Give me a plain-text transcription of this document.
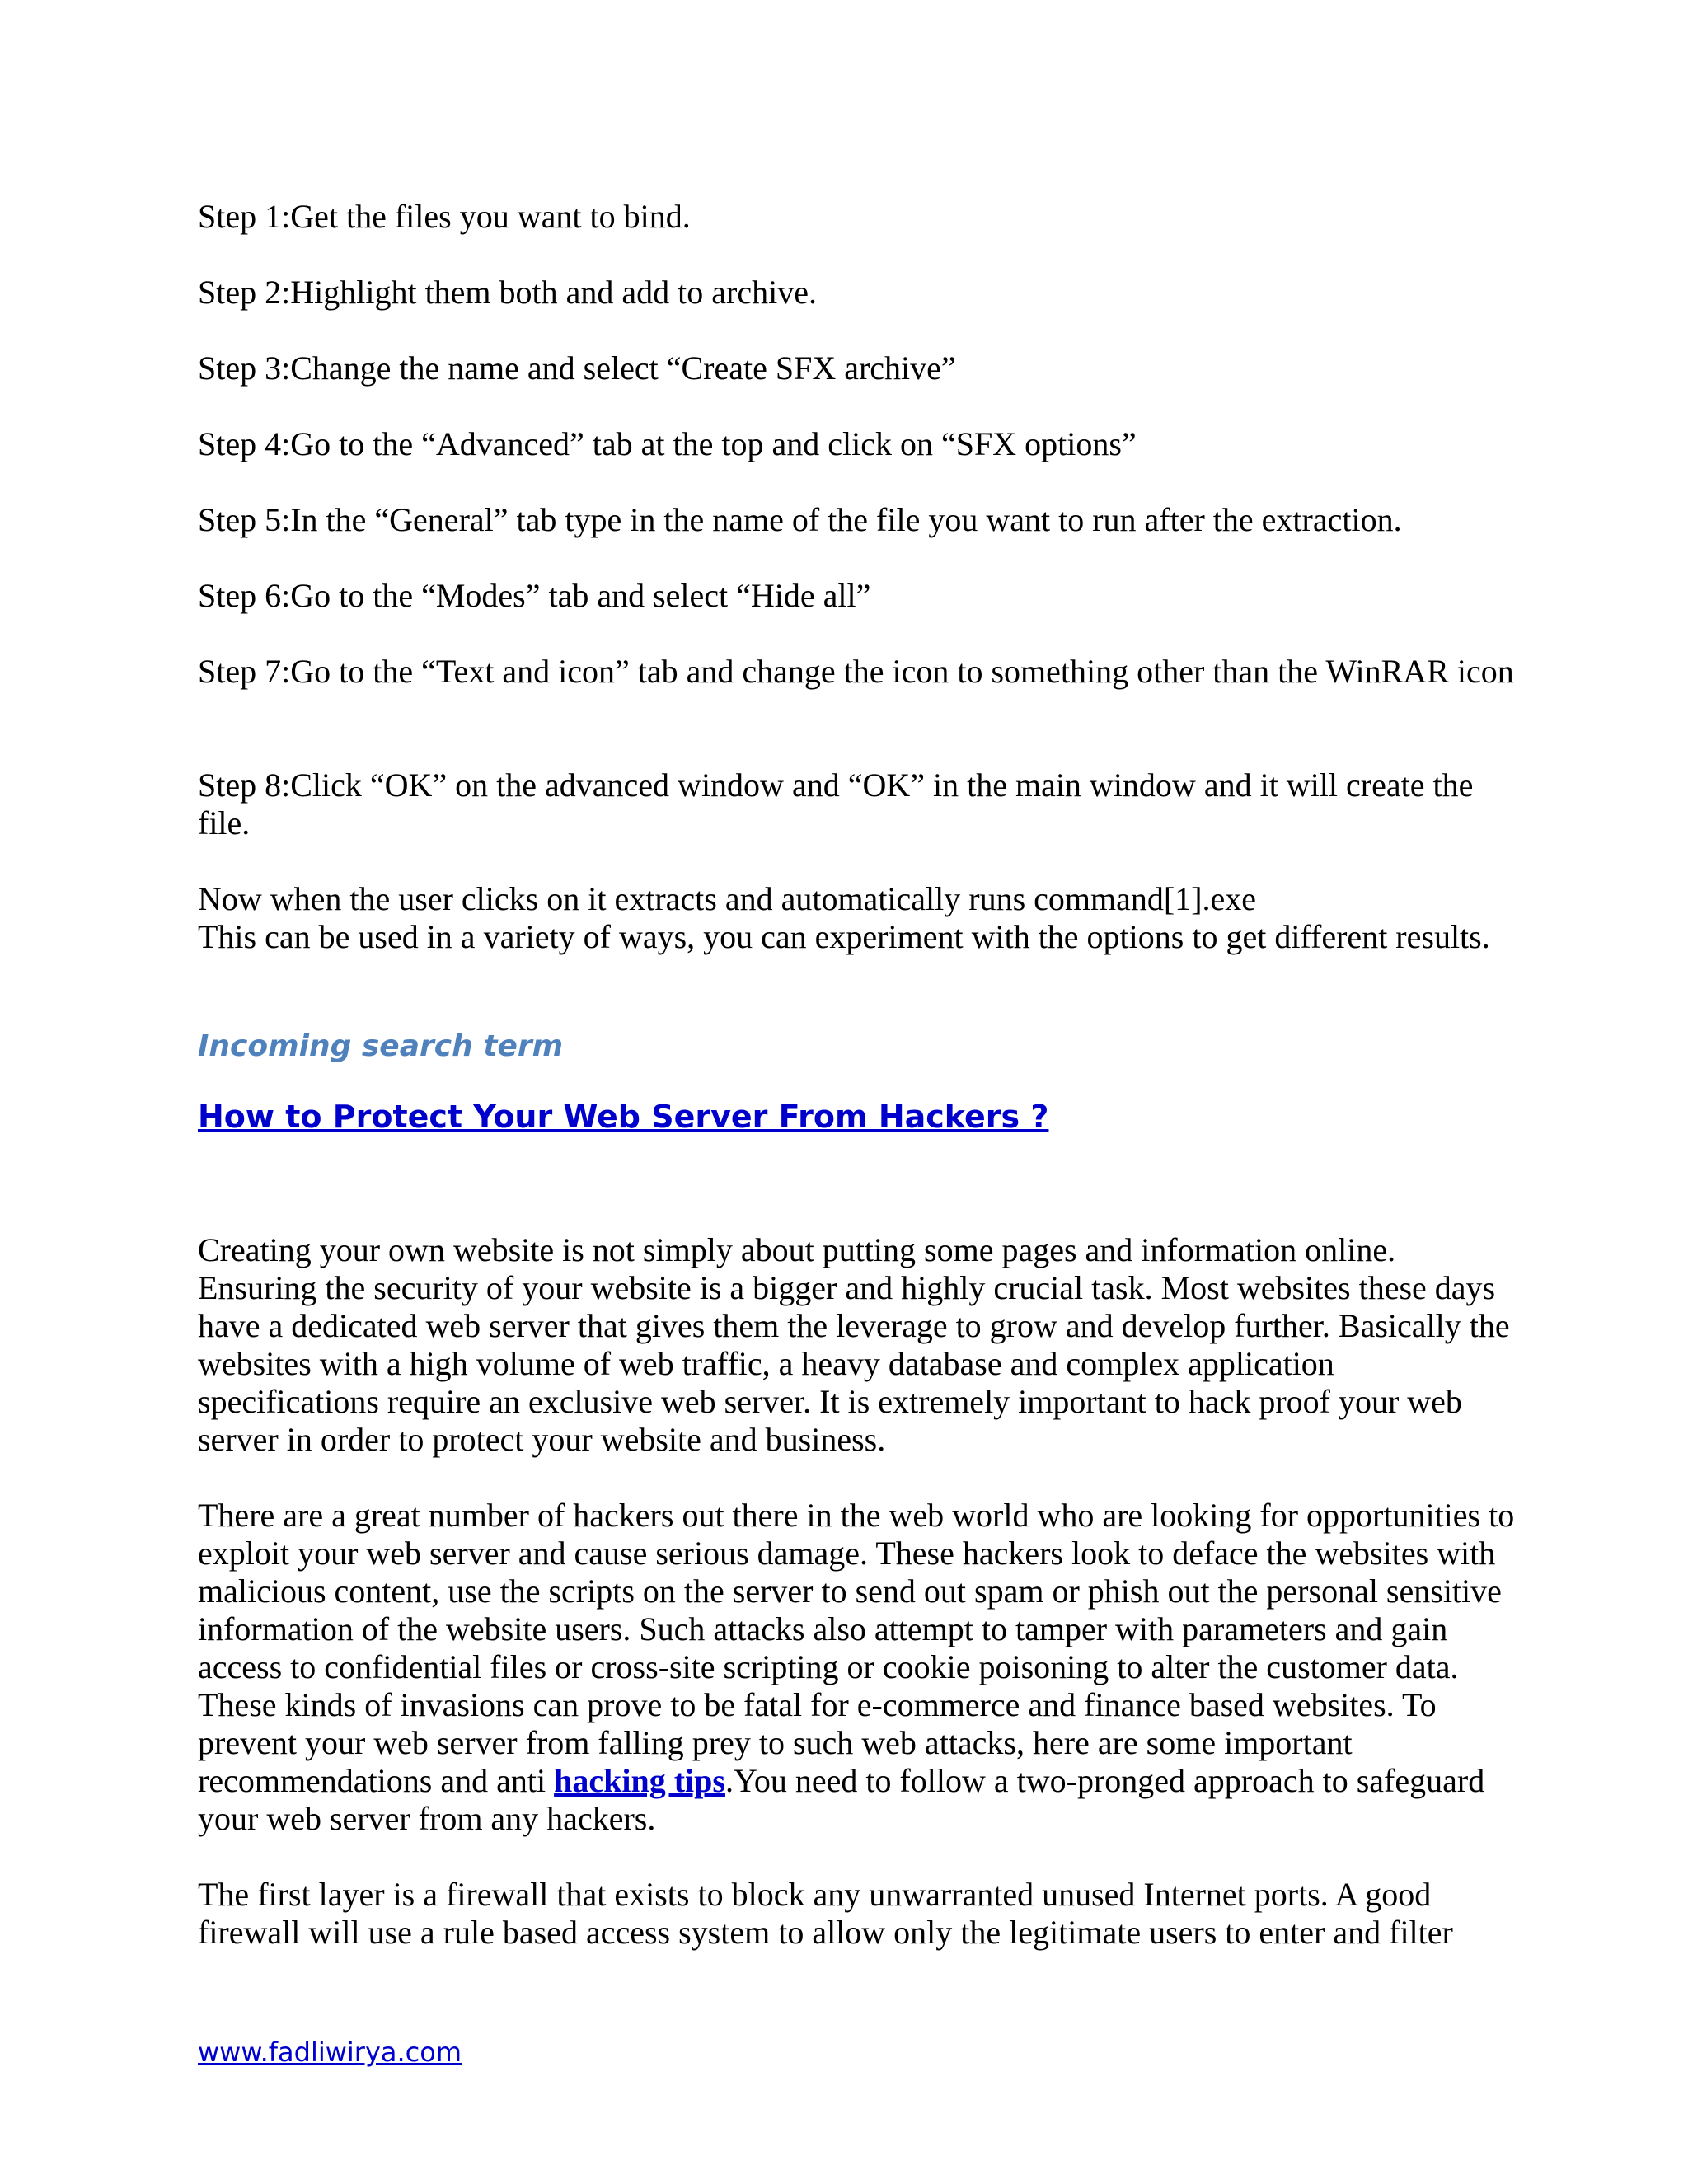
Step 1:Get the files you want to bind.

Step 2:Highlight them both and add to archive.

Step 3:Change the name and select “Create SFX archive”

Step 4:Go to the “Advanced” tab at the top and click on “SFX options”

Step 5:In the “General” tab type in the name of the file you want to run after the extraction.

Step 6:Go to the “Modes” tab and select “Hide all”

Step 7:Go to the “Text and icon” tab and change the icon to something other than the WinRAR icon

Step 8:Click “OK” on the advanced window and “OK” in the main window and it will create the file.

Now when the user clicks on it extracts and automatically runs command[1].exe
This can be used in a variety of ways, you can experiment with the options to get different results.

Incoming search term

How to Protect Your Web Server From Hackers ?

Creating your own website is not simply about putting some pages and information online. Ensuring the security of your website is a bigger and highly crucial task. Most websites these days have a dedicated web server that gives them the leverage to grow and develop further. Basically the websites with a high volume of web traffic, a heavy database and complex application specifications require an exclusive web server. It is extremely important to hack proof your web server in order to protect your website and business.

There are a great number of hackers out there in the web world who are looking for opportunities to exploit your web server and cause serious damage. These hackers look to deface the websites with malicious content, use the scripts on the server to send out spam or phish out the personal sensitive information of the website users. Such attacks also attempt to tamper with parameters and gain access to confidential files or cross-site scripting or cookie poisoning to alter the customer data. These kinds of invasions can prove to be fatal for e-commerce and finance based websites. To prevent your web server from falling prey to such web attacks, here are some important recommendations and anti hacking tips.You need to follow a two-pronged approach to safeguard your web server from any hackers.

The first layer is a firewall that exists to block any unwarranted unused Internet ports. A good firewall will use a rule based access system to allow only the legitimate users to enter and filter

www.fadliwirya.com
